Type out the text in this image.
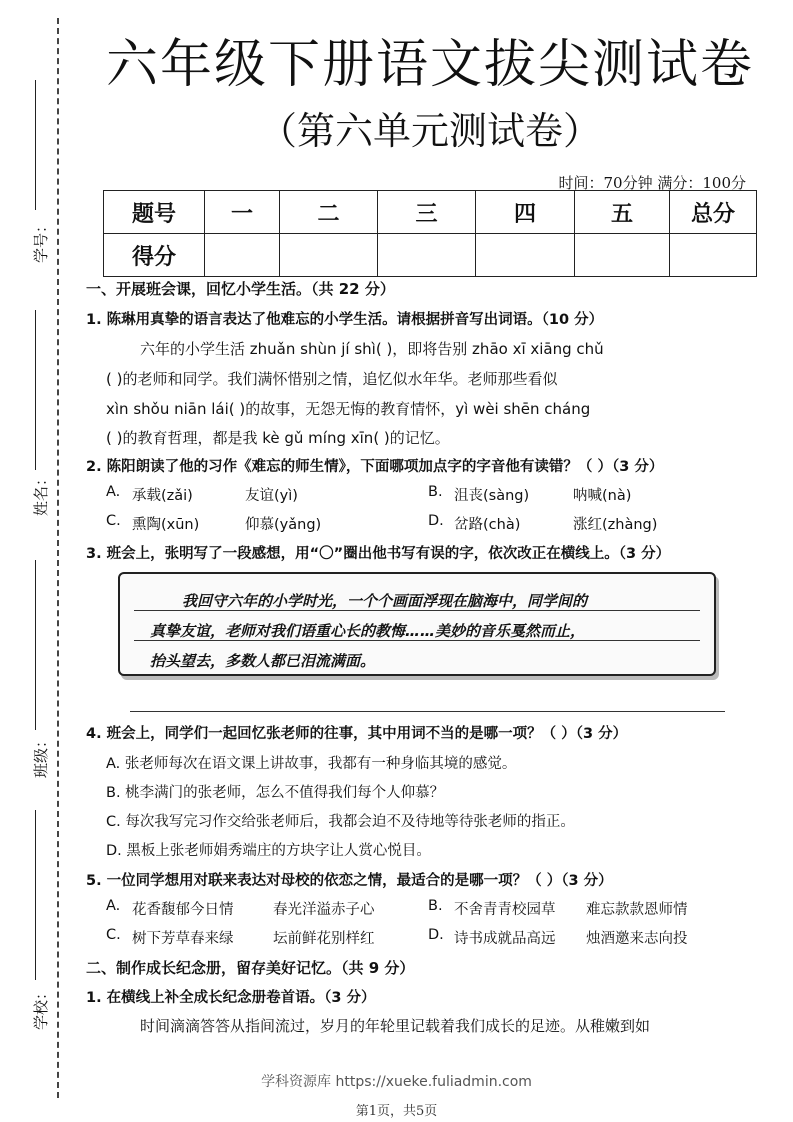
学号：
姓名：
班级：
学校：
六年级下册语文拔尖测试卷
（第六单元测试卷）
时间：70分钟 满分：100分
题号	一	二	三	四	五	总分
得分						
一、开展班会课，回忆小学生活。（共 22 分）
1. 陈琳用真挚的语言表达了他难忘的小学生活。请根据拼音写出词语。（10 分）
六年的小学生活 zhuǎn shùn jí shì( )，即将告别 zhāo xī xiāng chǔ
( )的老师和同学。我们满怀惜别之情，追忆似水年华。老师那些看似
xìn shǒu niān lái( )的故事，无怨无悔的教育情怀，yì wèi shēn cháng
( )的教育哲理，都是我 kè gǔ míng xīn( )的记忆。
2. 陈阳朗读了他的习作《难忘的师生情》，下面哪项加点字的字音他有读错？（ ）（3 分）
A. 承载(zǎi)	友谊(yì)	B. 沮丧(sàng)	呐喊(nà)
C. 熏陶(xūn)	仰慕(yǎng)	D. 岔路(chà)	涨红(zhàng)
3. 班会上，张明写了一段感想，用“〇”圈出他书写有误的字，依次改正在横线上。（3 分）
我回守六年的小学时光，一个个画面浮现在脑海中，同学间的
真挚友谊，老师对我们语重心长的教悔……美妙的音乐戛然而止，
抬头望去，多数人都已泪流满面。
4. 班会上，同学们一起回忆张老师的往事，其中用词不当的是哪一项？（ ）（3 分）
A. 张老师每次在语文课上讲故事，我都有一种身临其境的感觉。
B. 桃李满门的张老师，怎么不值得我们每个人仰慕？
C. 每次我写完习作交给张老师后，我都会迫不及待地等待张老师的指正。
D. 黑板上张老师娟秀端庄的方块字让人赏心悦目。
5. 一位同学想用对联来表达对母校的依恋之情，最适合的是哪一项？（ ）（3 分）
A. 花香馥郁今日情	春光洋溢赤子心	B. 不舍青青校园草 难忘款款恩师情
C. 树下芳草春来绿	坛前鲜花别样红	D. 诗书成就品高远 烛酒邀来志向投
二、制作成长纪念册，留存美好记忆。（共 9 分）
1. 在横线上补全成长纪念册卷首语。（3 分）
时间滴滴答答从指间流过，岁月的年轮里记载着我们成长的足迹。从稚嫩到如
学科资源库 https://xueke.fuliadmin.com
第1页，共5页
